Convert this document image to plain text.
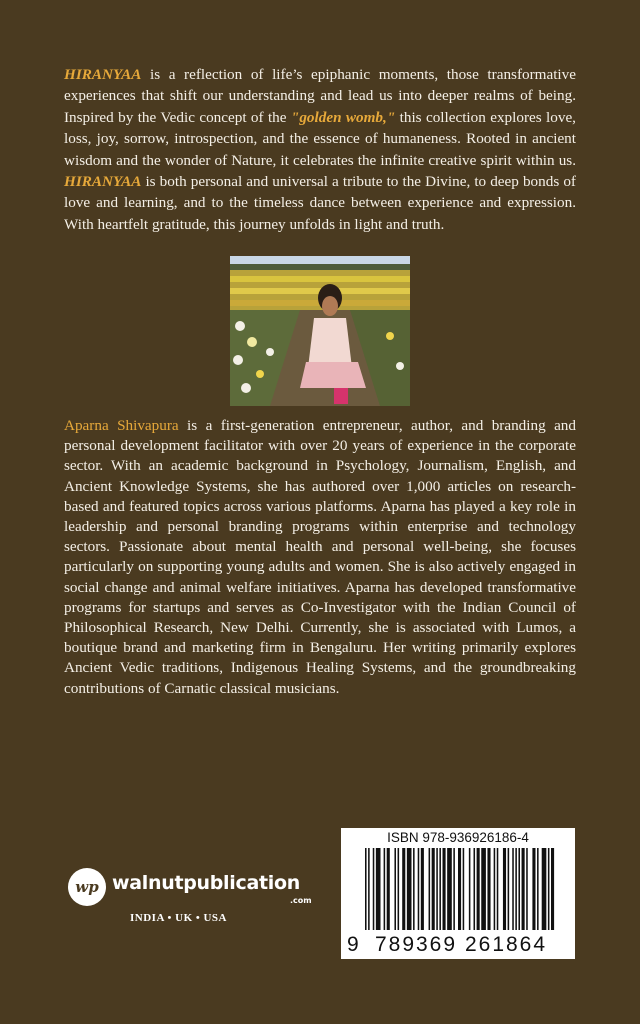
HIRANYAA is a reflection of life’s epiphanic moments, those transformative experiences that shift our understanding and lead us into deeper realms of being. Inspired by the Vedic concept of the "golden womb," this collection explores love, loss, joy, sorrow, introspection, and the essence of humaneness. Rooted in ancient wisdom and the wonder of Nature, it celebrates the infinite creative spirit within us. HIRANYAA is both personal and universal a tribute to the Divine, to deep bonds of love and learning, and to the timeless dance between experience and expression. With heartfelt gratitude, this journey unfolds in light and truth.

Aparna Shivapura is a first-generation entrepreneur, author, and branding and personal development facilitator with over 20 years of experience in the corporate sector. With an academic background in Psychology, Journalism, English, and Ancient Knowledge Systems, she has authored over 1,000 articles on research-based and featured topics across various platforms. Aparna has played a key role in leadership and personal branding programs within enterprise and technology sectors. Passionate about mental health and personal well-being, she focuses particularly on supporting young adults and women. She is also actively engaged in social change and animal welfare initiatives. Aparna has developed transformative programs for startups and serves as Co-Investigator with the Indian Council of Philosophical Research, New Delhi. Currently, she is associated with Lumos, a boutique brand and marketing firm in Bengaluru. Her writing primarily explores Ancient Vedic traditions, Indigenous Healing Systems, and the groundbreaking contributions of Carnatic classical musicians.

wp walnutpublication
.com
INDIA • UK • USA
ISBN 978-936926186-4
9 789369 261864
